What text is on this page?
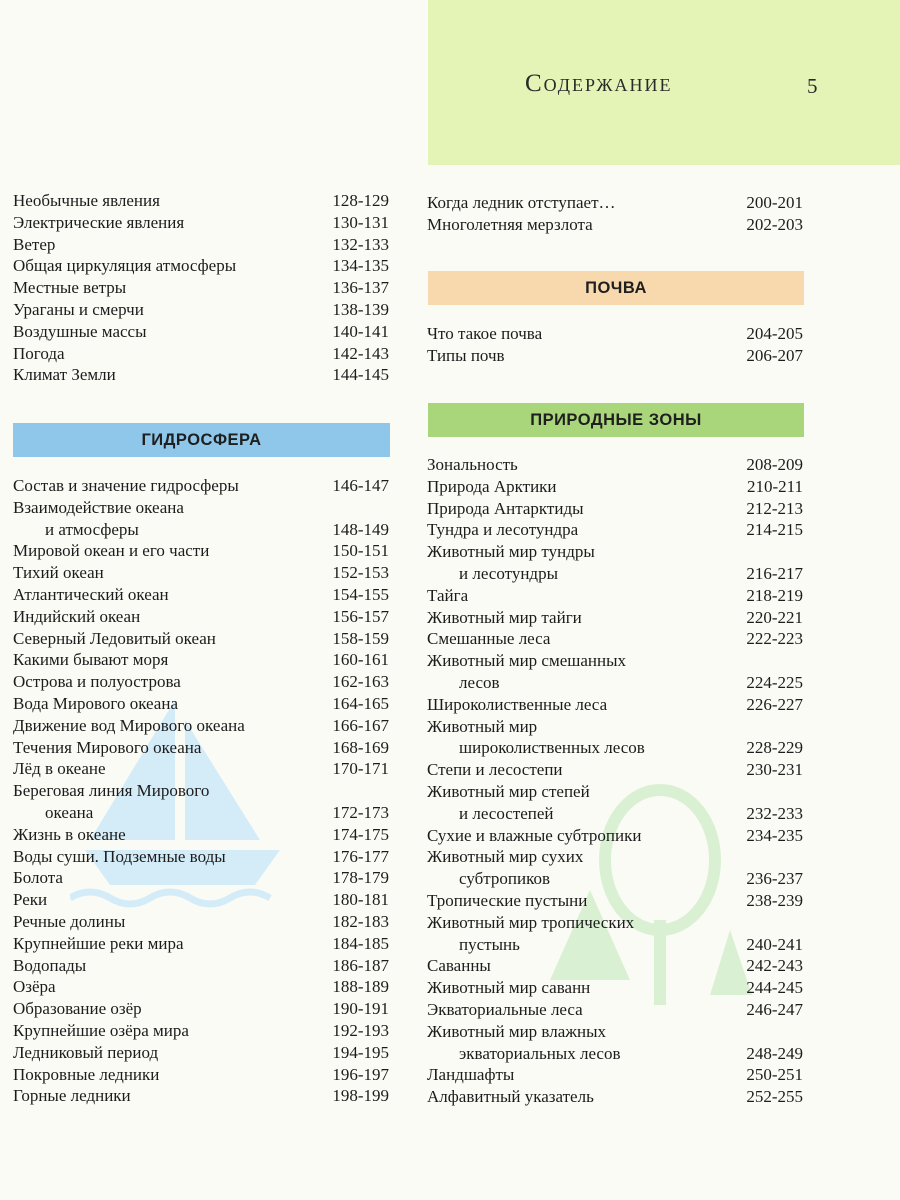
Содержание	5
Необычные явления	128-129
Электрические явления	130-131
Ветер	132-133
Общая циркуляция атмосферы	134-135
Местные ветры	136-137
Ураганы и смерчи	138-139
Воздушные массы	140-141
Погода	142-143
Климат Земли	144-145
ГИДРОСФЕРА
Состав и значение гидросферы	146-147
Взаимодействие океана
и атмосферы	148-149
Мировой океан и его части	150-151
Тихий океан	152-153
Атлантический океан	154-155
Индийский океан	156-157
Северный Ледовитый океан	158-159
Какими бывают моря	160-161
Острова и полуострова	162-163
Вода Мирового океана	164-165
Движение вод Мирового океана	166-167
Течения Мирового океана	168-169
Лёд в океане	170-171
Береговая линия Мирового
океана	172-173
Жизнь в океане	174-175
Воды суши. Подземные воды	176-177
Болота	178-179
Реки	180-181
Речные долины	182-183
Крупнейшие реки мира	184-185
Водопады	186-187
Озёра	188-189
Образование озёр	190-191
Крупнейшие озёра мира	192-193
Ледниковый период	194-195
Покровные ледники	196-197
Горные ледники	198-199
Когда ледник отступает…	200-201
Многолетняя мерзлота	202-203
ПОЧВА
Что такое почва	204-205
Типы почв	206-207
ПРИРОДНЫЕ ЗОНЫ
Зональность	208-209
Природа Арктики	210-211
Природа Антарктиды	212-213
Тундра и лесотундра	214-215
Животный мир тундры
и лесотундры	216-217
Тайга	218-219
Животный мир тайги	220-221
Смешанные леса	222-223
Животный мир смешанных
лесов	224-225
Широколиственные леса	226-227
Животный мир
широколиственных лесов	228-229
Степи и лесостепи	230-231
Животный мир степей
и лесостепей	232-233
Сухие и влажные субтропики	234-235
Животный мир сухих
субтропиков	236-237
Тропические пустыни	238-239
Животный мир тропических
пустынь	240-241
Саванны	242-243
Животный мир саванн	244-245
Экваториальные леса	246-247
Животный мир влажных
экваториальных лесов	248-249
Ландшафты	250-251
Алфавитный указатель	252-255
